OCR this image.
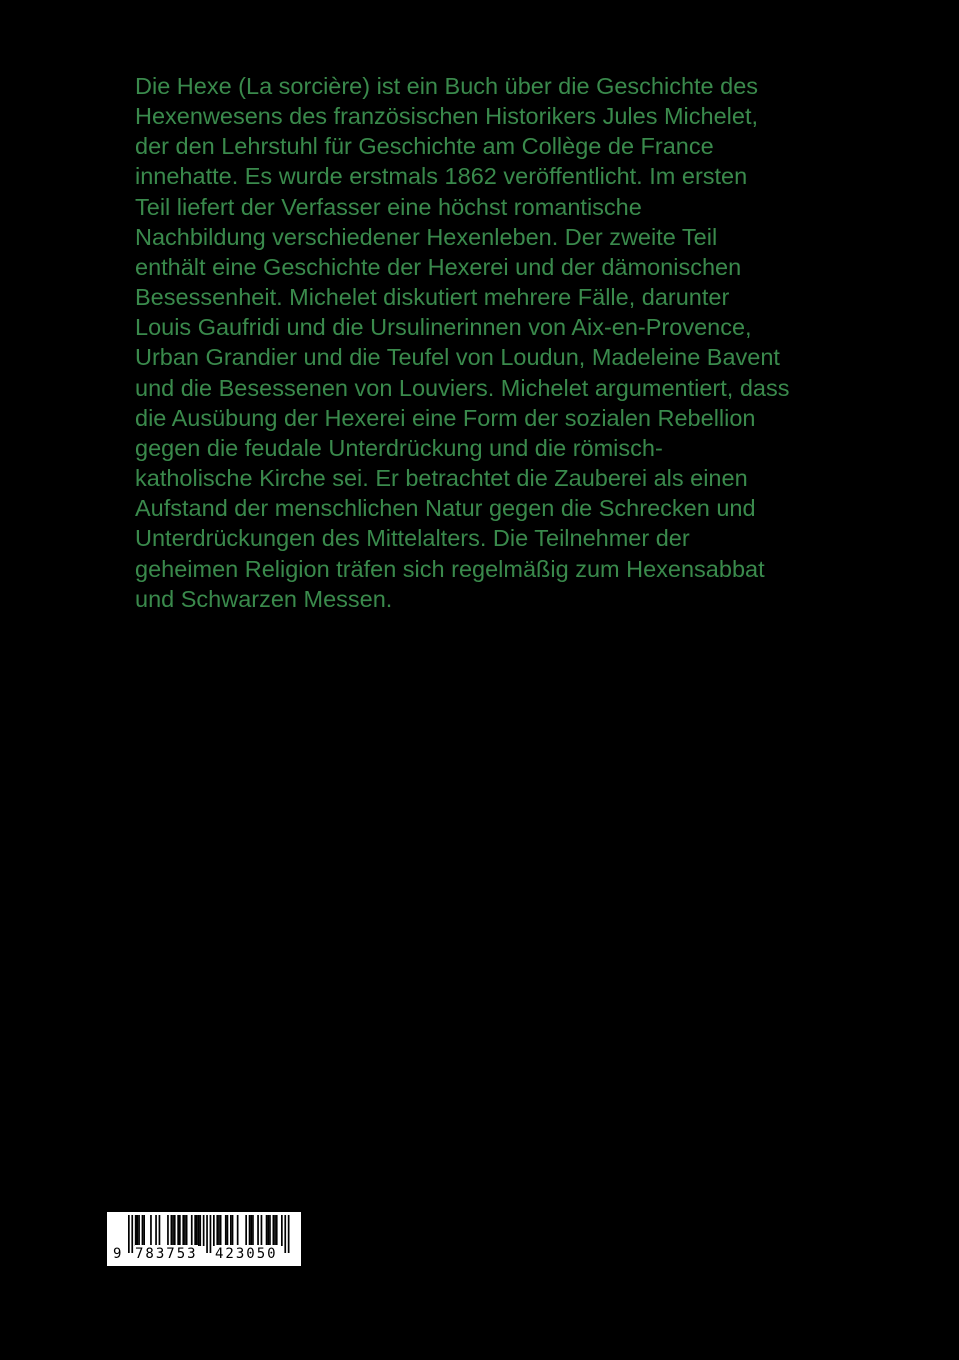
Die Hexe (La sorcière) ist ein Buch über die Geschichte des
Hexenwesens des französischen Historikers Jules Michelet,
der den Lehrstuhl für Geschichte am Collège de France
innehatte. Es wurde erstmals 1862 veröffentlicht. Im ersten
Teil liefert der Verfasser eine höchst romantische
Nachbildung verschiedener Hexenleben. Der zweite Teil
enthält eine Geschichte der Hexerei und der dämonischen
Besessenheit. Michelet diskutiert mehrere Fälle, darunter
Louis Gaufridi und die Ursulinerinnen von Aix-en-Provence,
Urban Grandier und die Teufel von Loudun, Madeleine Bavent
und die Besessenen von Louviers. Michelet argumentiert, dass
die Ausübung der Hexerei eine Form der sozialen Rebellion
gegen die feudale Unterdrückung und die römisch-
katholische Kirche sei. Er betrachtet die Zauberei als einen
Aufstand der menschlichen Natur gegen die Schrecken und
Unterdrückungen des Mittelalters. Die Teilnehmer der
geheimen Religion träfen sich regelmäßig zum Hexensabbat
und Schwarzen Messen.
9 783753 423050
